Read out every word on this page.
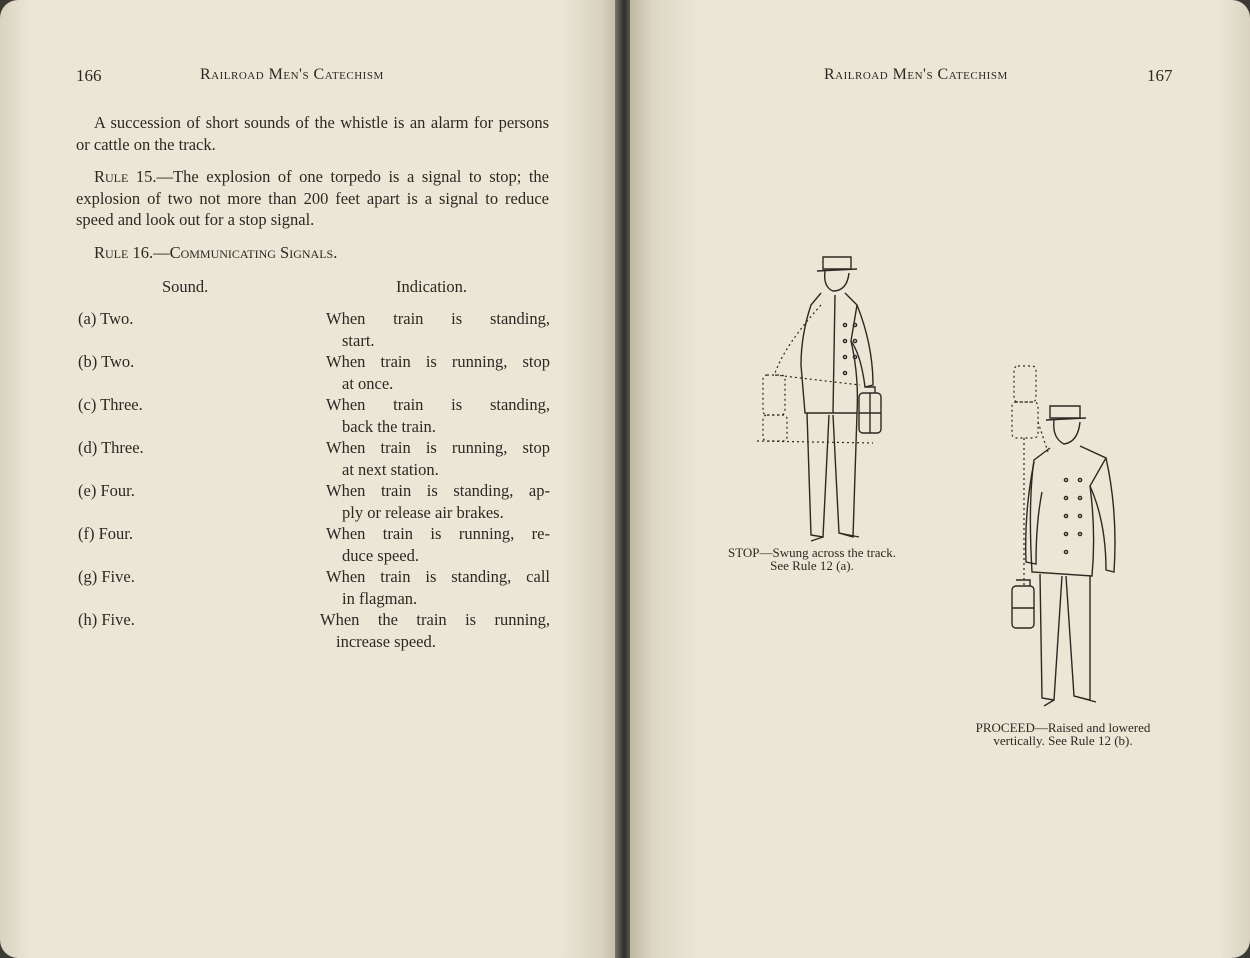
166	Railroad Men's Catechism
A succession of short sounds of the whistle is an alarm for persons or cattle on the track.
Rule 15.—The explosion of one torpedo is a signal to stop; the explosion of two not more than 200 feet apart is a signal to reduce speed and look out for a stop signal.
Rule 16.—Communicating Signals.
Sound.	Indication.
(a) Two.	When train is standing,
start.
(b) Two.	When train is running, stop
at once.
(c) Three.	When train is standing,
back the train.
(d) Three.	When train is running, stop
at next station.
(e) Four.	When train is standing, ap-
ply or release air brakes.
(f) Four.	When train is running, re-
duce speed.
(g) Five.	When train is standing, call
in flagman.
(h) Five.	When the train is running,
increase speed.
Railroad Men's Catechism	167
STOP—Swung across the track.
See Rule 12 (a).
PROCEED—Raised and lowered
vertically. See Rule 12 (b).
